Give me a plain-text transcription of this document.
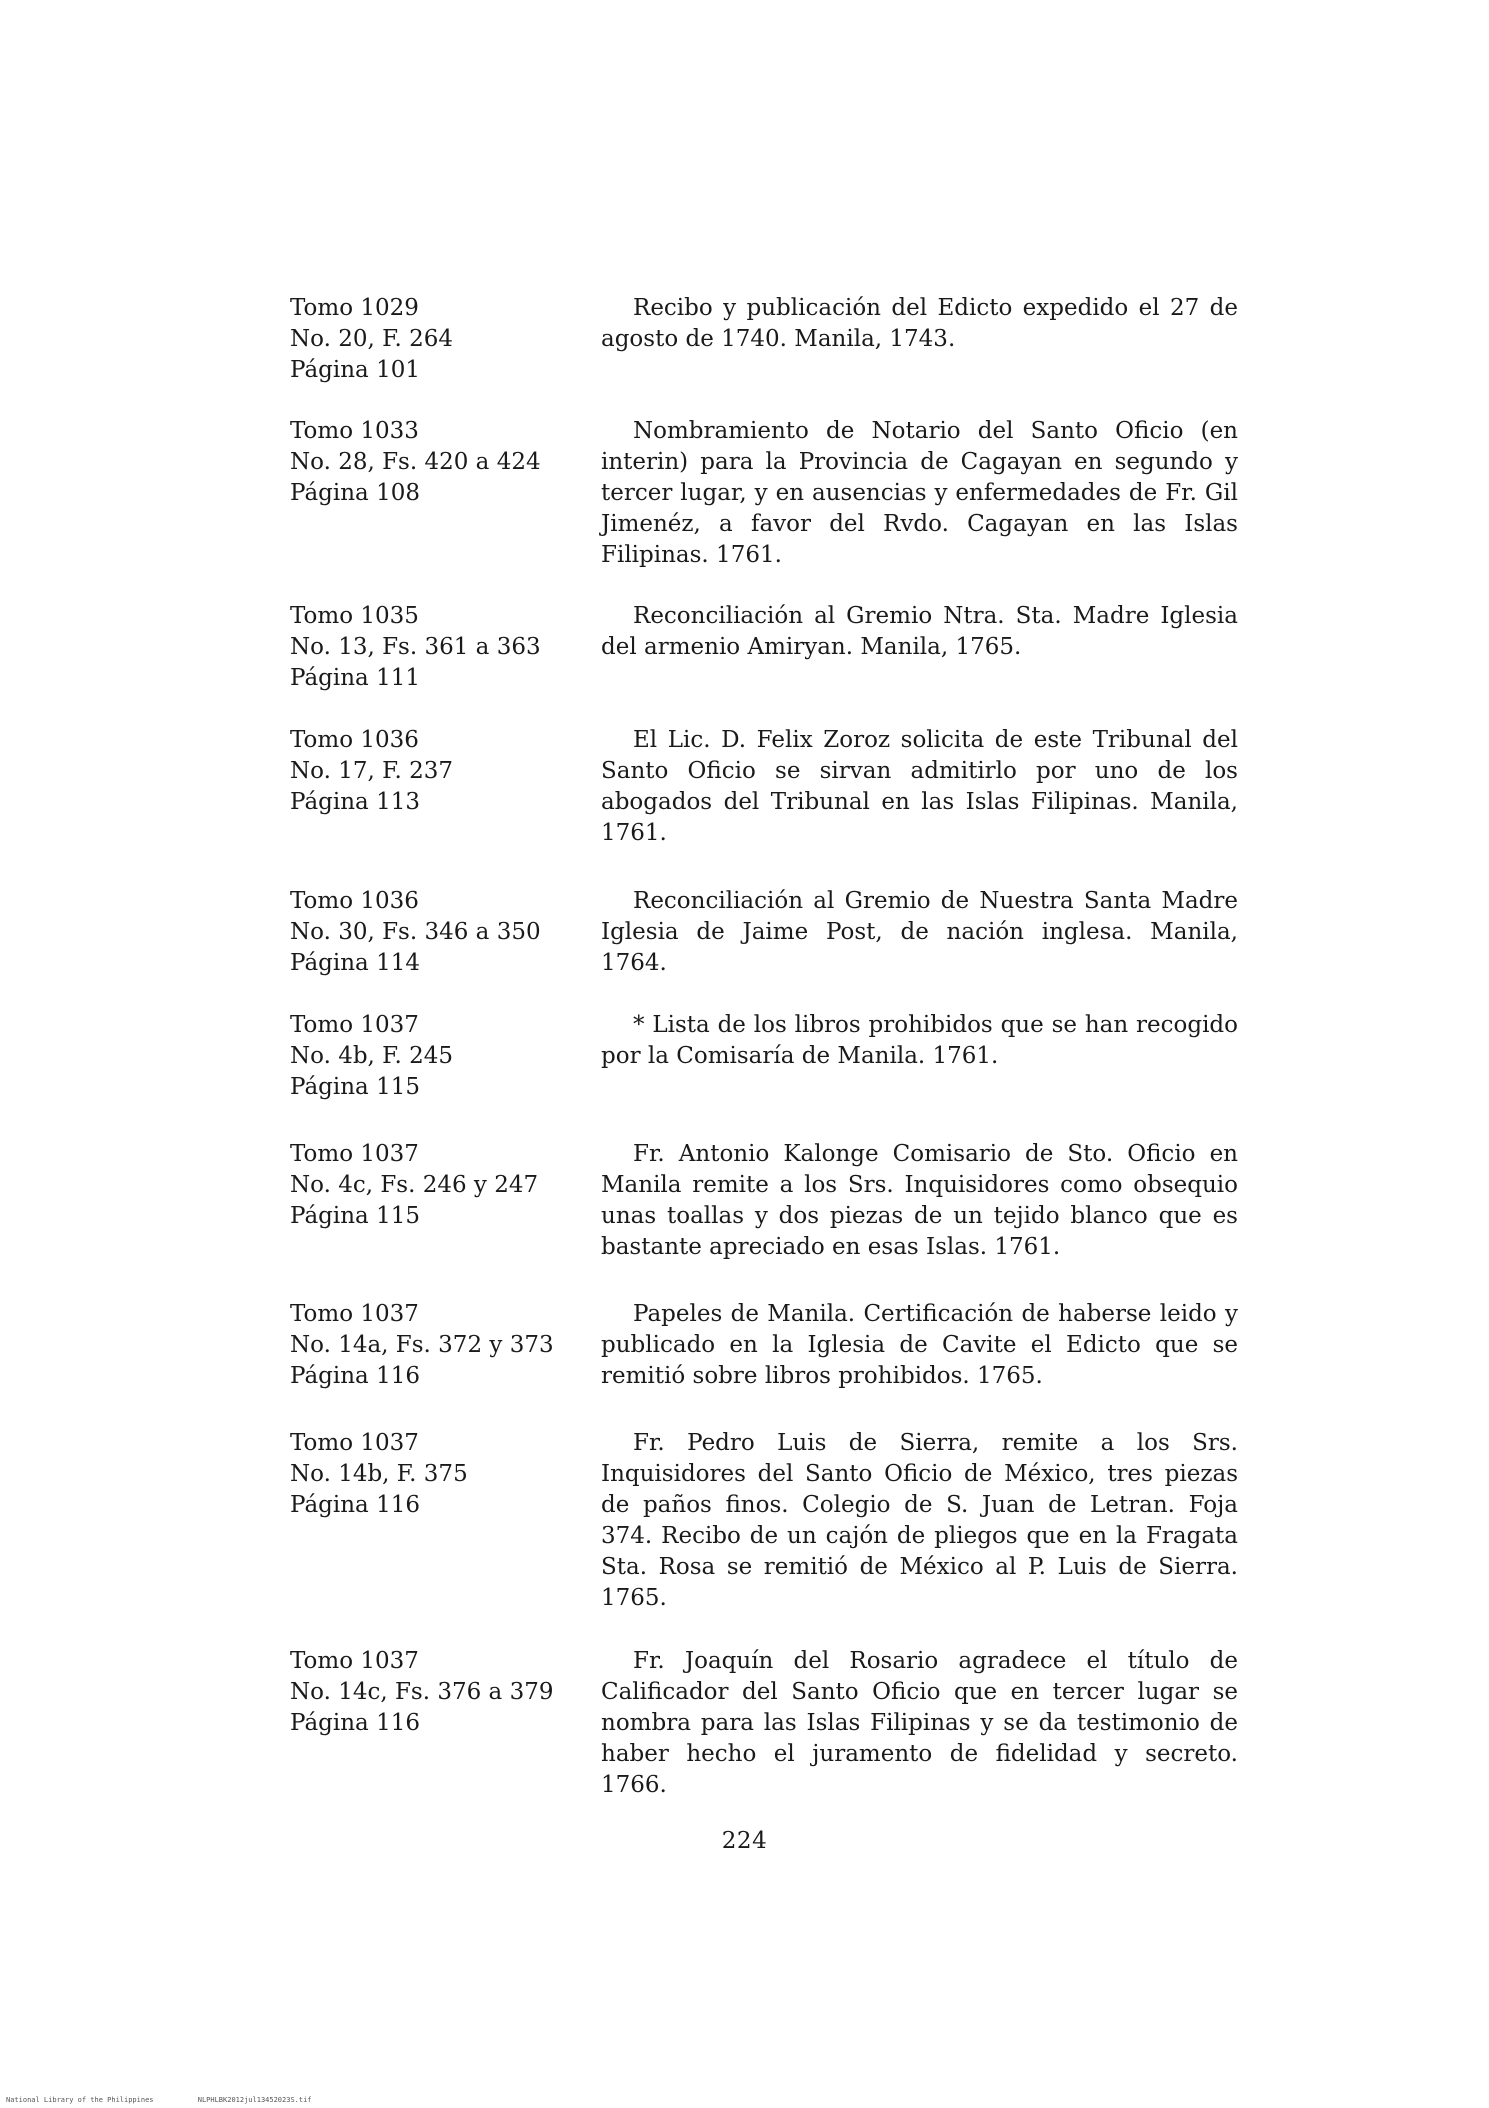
Tomo 1029
No. 20, F. 264
Página 101
Recibo y publicación del Edicto expedido el 27 de agosto de 1740. Manila, 1743.
Tomo 1033
No. 28, Fs. 420 a 424
Página 108
Nombramiento de Notario del Santo Oficio (en interin) para la Provincia de Cagayan en segundo y tercer lugar, y en ausencias y enfermedades de Fr. Gil Jimenéz, a favor del Rvdo. Cagayan en las Islas Filipinas. 1761.
Tomo 1035
No. 13, Fs. 361 a 363
Página 111
Reconciliación al Gremio Ntra. Sta. Madre Iglesia del armenio Amiryan. Manila, 1765.
Tomo 1036
No. 17, F. 237
Página 113
El Lic. D. Felix Zoroz solicita de este Tribunal del Santo Oficio se sirvan admitirlo por uno de los abogados del Tribunal en las Islas Filipinas. Manila, 1761.
Tomo 1036
No. 30, Fs. 346 a 350
Página 114
Reconciliación al Gremio de Nuestra Santa Madre Iglesia de Jaime Post, de nación inglesa. Manila, 1764.
Tomo 1037
No. 4b, F. 245
Página 115
* Lista de los libros prohibidos que se han recogido por la Comisaría de Manila. 1761.
Tomo 1037
No. 4c, Fs. 246 y 247
Página 115
Fr. Antonio Kalonge Comisario de Sto. Oficio en Manila remite a los Srs. Inquisidores como obsequio unas toallas y dos piezas de un tejido blanco que es bastante apreciado en esas Islas. 1761.
Tomo 1037
No. 14a, Fs. 372 y 373
Página 116
Papeles de Manila. Certificación de haberse leido y publicado en la Iglesia de Cavite el Edicto que se remitió sobre libros prohibidos. 1765.
Tomo 1037
No. 14b, F. 375
Página 116
Fr. Pedro Luis de Sierra, remite a los Srs. Inquisidores del Santo Oficio de México, tres piezas de paños finos. Colegio de S. Juan de Letran. Foja 374. Recibo de un cajón de pliegos que en la Fragata Sta. Rosa se remitió de México al P. Luis de Sierra. 1765.
Tomo 1037
No. 14c, Fs. 376 a 379
Página 116
Fr. Joaquín del Rosario agradece el título de Calificador del Santo Oficio que en tercer lugar se nombra para las Islas Filipinas y se da testimonio de haber hecho el juramento de fidelidad y secreto. 1766.
224
National Library of the Philippines	NLPHLBK2012jul13452023S.tif
